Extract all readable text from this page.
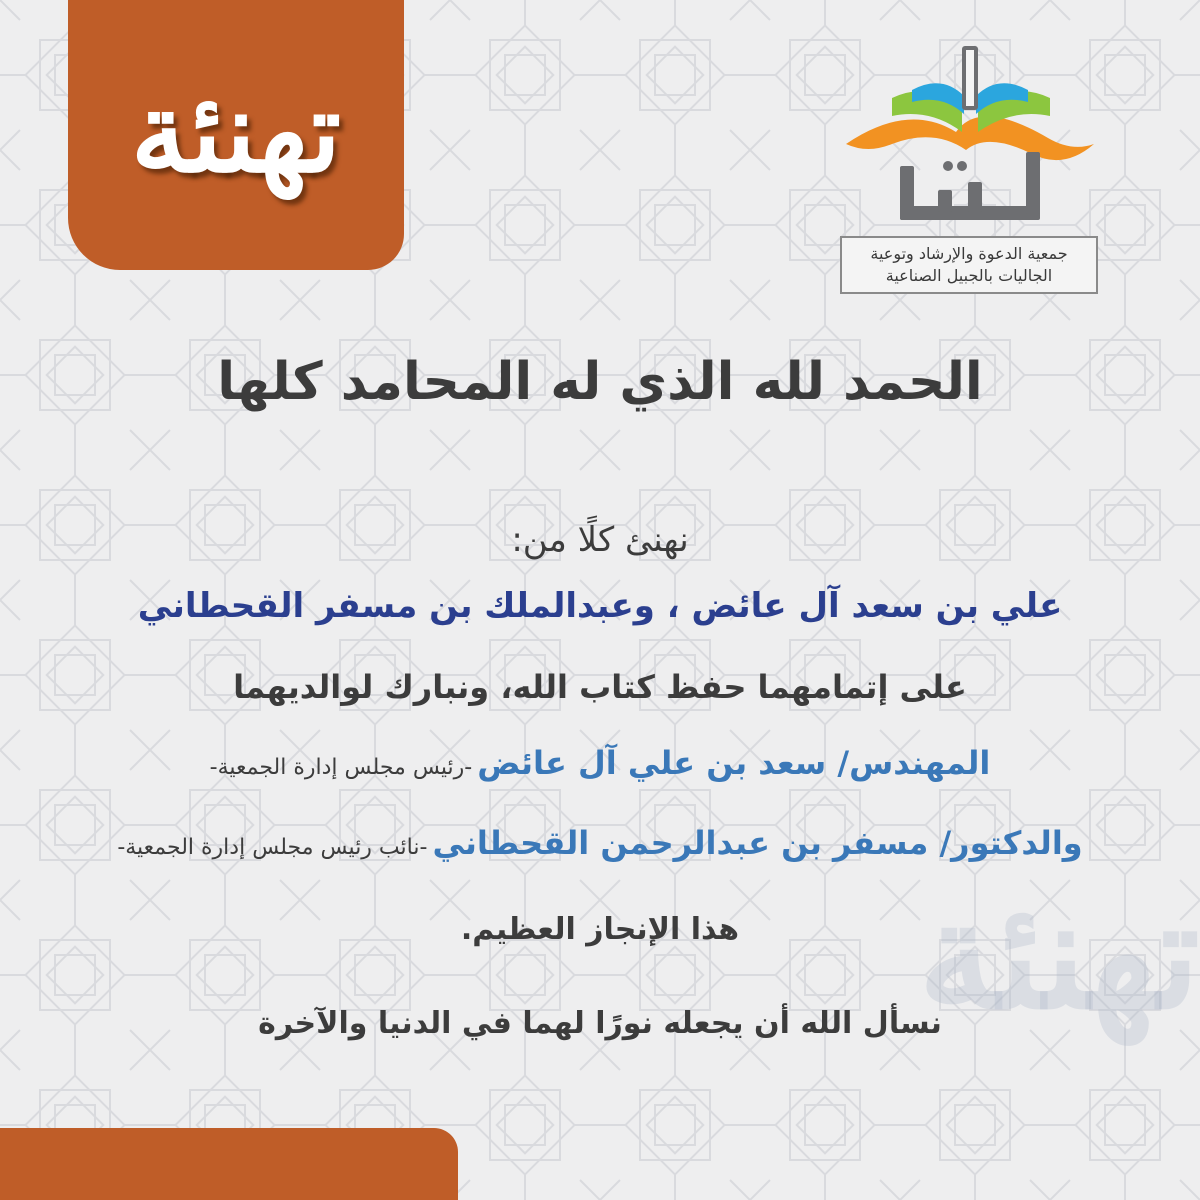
تهنئة
تهنئة
جمعية الدعوة والإرشاد وتوعية
الجاليات بالجبيل الصناعية
الحمد لله الذي له المحامد كلها
نهنئ كلًا من:
علي بن سعد آل عائض ، وعبدالملك بن مسفر القحطاني
على إتمامهما حفظ كتاب الله، ونبارك لوالديهما
المهندس/ سعد بن علي آل عائض -رئيس مجلس إدارة الجمعية-
والدكتور/ مسفر بن عبدالرحمن القحطاني -نائب رئيس مجلس إدارة الجمعية-
هذا الإنجاز العظيم.
نسأل الله أن يجعله نورًا لهما في الدنيا والآخرة
